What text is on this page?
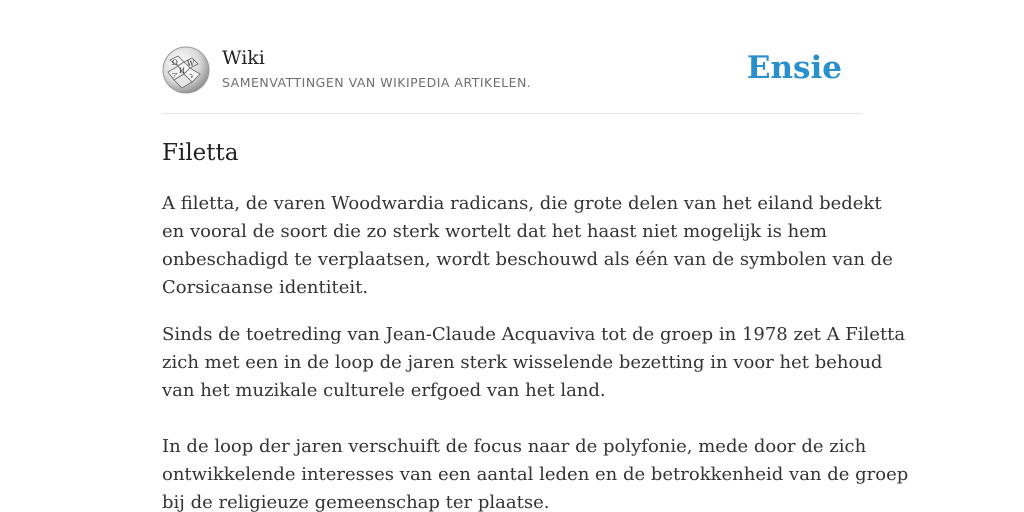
Ω W
И
ア ว
Wiki
SAMENVATTINGEN VAN WIKIPEDIA ARTIKELEN.	Ensie
Filetta

A filetta, de varen Woodwardia radicans, die grote delen van het eiland bedekt
en vooral de soort die zo sterk wortelt dat het haast niet mogelijk is hem
onbeschadigd te verplaatsen, wordt beschouwd als één van de symbolen van de
Corsicaanse identiteit.

Sinds de toetreding van Jean-Claude Acquaviva tot de groep in 1978 zet A Filetta
zich met een in de loop de jaren sterk wisselende bezetting in voor het behoud
van het muzikale culturele erfgoed van het land.

In de loop der jaren verschuift de focus naar de polyfonie, mede door de zich
ontwikkelende interesses van een aantal leden en de betrokkenheid van de groep
bij de religieuze gemeenschap ter plaatse.
